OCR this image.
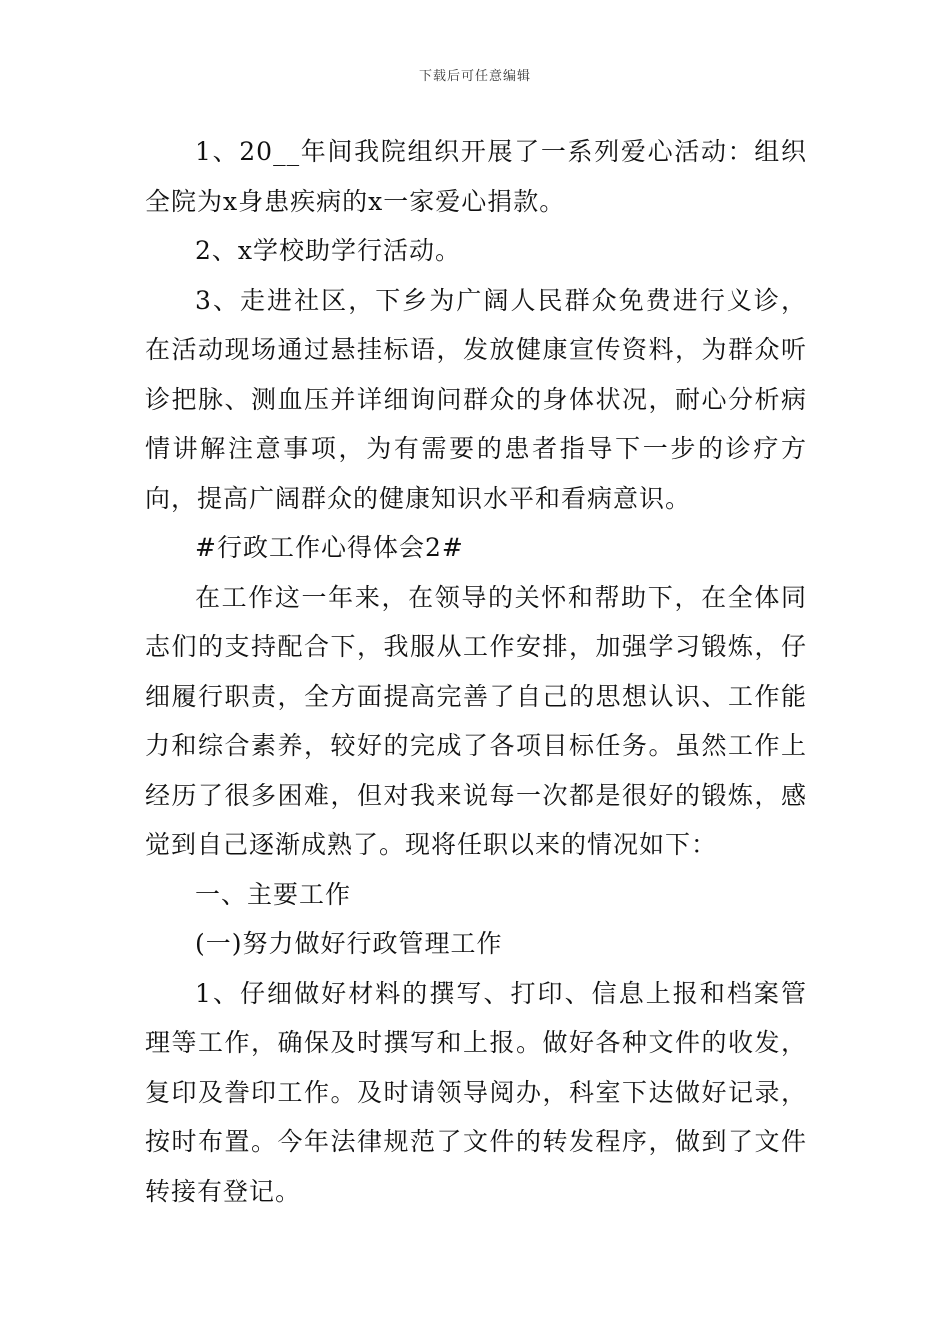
下载后可任意编辑

1、20__年间我院组织开展了一系列爱心活动：组织全院为x身患疾病的x一家爱心捐款。

2、x学校助学行活动。

3、走进社区，下乡为广阔人民群众免费进行义诊，在活动现场通过悬挂标语，发放健康宣传资料，为群众听诊把脉、测血压并详细询问群众的身体状况，耐心分析病情讲解注意事项，为有需要的患者指导下一步的诊疗方向，提高广阔群众的健康知识水平和看病意识。

#行政工作心得体会2#

在工作这一年来，在领导的关怀和帮助下，在全体同志们的支持配合下，我服从工作安排，加强学习锻炼，仔细履行职责，全方面提高完善了自己的思想认识、工作能力和综合素养，较好的完成了各项目标任务。虽然工作上经历了很多困难，但对我来说每一次都是很好的锻炼，感觉到自己逐渐成熟了。现将任职以来的情况如下：

一、主要工作

(一)努力做好行政管理工作

1、仔细做好材料的撰写、打印、信息上报和档案管理等工作，确保及时撰写和上报。做好各种文件的收发，复印及誊印工作。及时请领导阅办，科室下达做好记录，按时布置。今年法律规范了文件的转发程序，做到了文件转接有登记。
